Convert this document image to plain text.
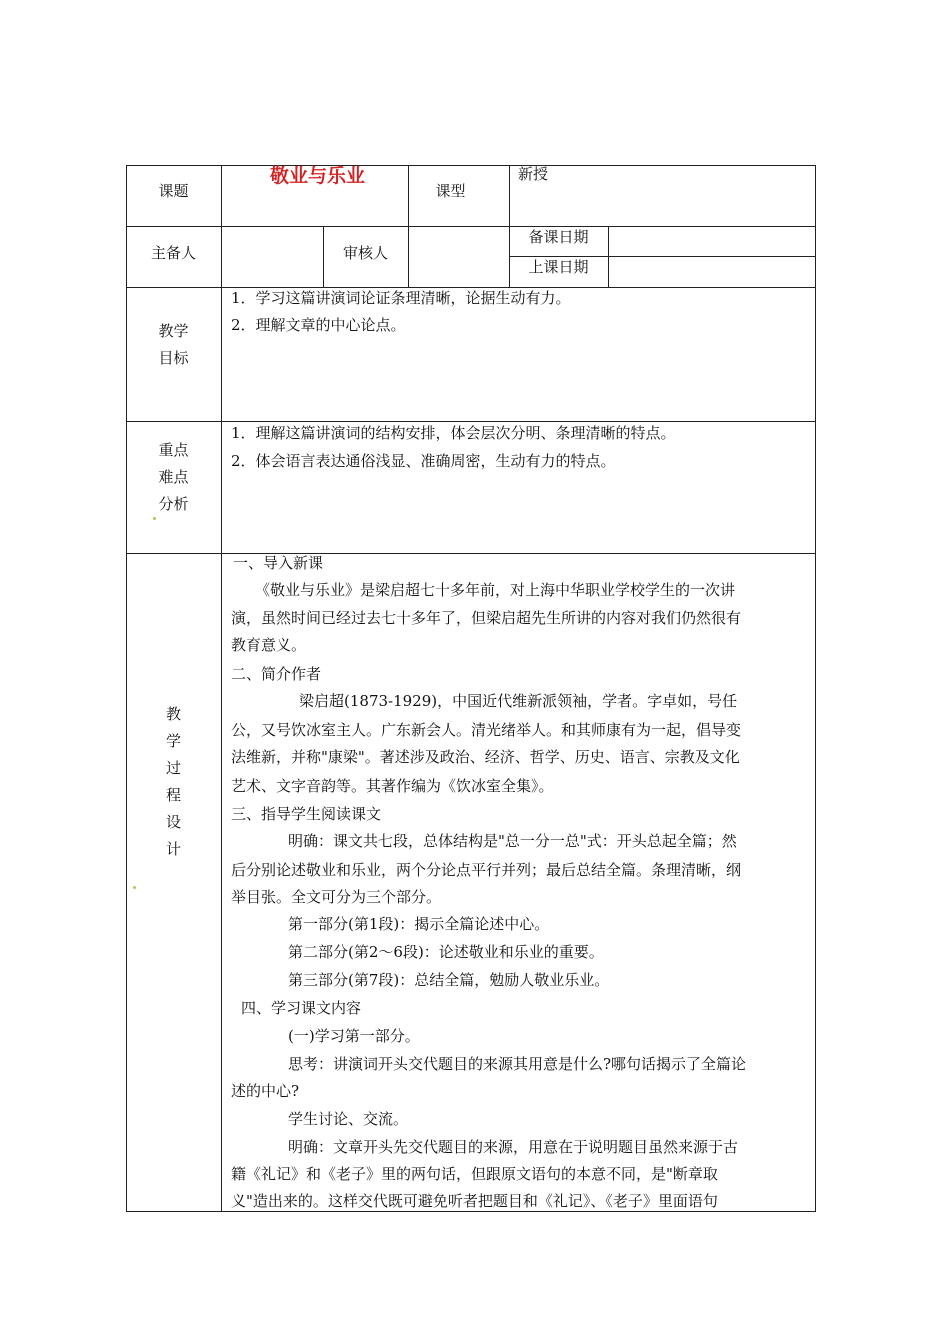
课题
敬业与乐业
课型
新授
主备人	审核人
备课日期
上课日期
教学
目标
1．学习这篇讲演词论证条理清晰，论据生动有力。
2．理解文章的中心论点。
重点
难点
分析
1．理解这篇讲演词的结构安排，体会层次分明、条理清晰的特点。
2．体会语言表达通俗浅显、准确周密，生动有力的特点。
教
学
过
程
设
计
一、导入新课
《敬业与乐业》是梁启超七十多年前，对上海中华职业学校学生的一次讲
演，虽然时间已经过去七十多年了，但梁启超先生所讲的内容对我们仍然很有
教育意义。
二、简介作者
梁启超(1873-1929)，中国近代维新派领袖，学者。字卓如，号任
公，又号饮冰室主人。广东新会人。清光绪举人。和其师康有为一起，倡导变
法维新，并称"康梁"。著述涉及政治、经济、哲学、历史、语言、宗教及文化
艺术、文字音韵等。其著作编为《饮冰室全集》。
三、指导学生阅读课文
明确：课文共七段，总体结构是"总一分一总"式：开头总起全篇；然
后分别论述敬业和乐业，两个分论点平行并列；最后总结全篇。条理清晰，纲
举目张。全文可分为三个部分。
第一部分(第1段)：揭示全篇论述中心。
第二部分(第2～6段)：论述敬业和乐业的重要。
第三部分(第7段)：总结全篇，勉励人敬业乐业。
四、学习课文内容
(一)学习第一部分。
思考：讲演词开头交代题目的来源其用意是什么?哪句话揭示了全篇论
述的中心?
学生讨论、交流。
明确：文章开头先交代题目的来源，用意在于说明题目虽然来源于古
籍《礼记》和《老子》里的两句话，但跟原文语句的本意不同，是"断章取
义"造出来的。这样交代既可避免听者把题目和《礼记》、《老子》里面语句
